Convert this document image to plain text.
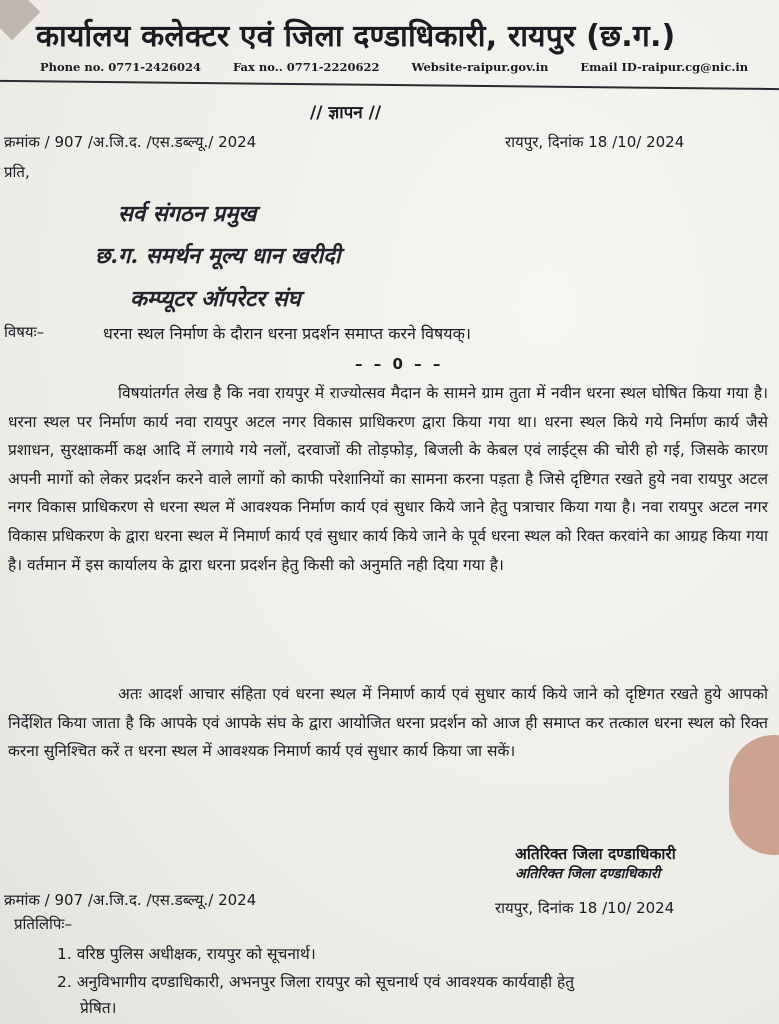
कार्यालय कलेक्टर एवं जिला दण्डाधिकारी, रायपुर (छ.ग.)
Phone no. 0771-2426024	Fax no.. 0771-2220622	Website-raipur.gov.in	Email ID-raipur.cg@nic.in
// ज्ञापन //
क्रमांक / 907 /अ.जि.द. /एस.डब्ल्यू./ 2024	रायपुर, दिनांक 18 /10/ 2024
प्रति,
सर्व संगठन प्रमुख
छ.ग. समर्थन मूल्य धान खरीदी
कम्प्यूटर ऑपरेटर संघ
विषयः–	धरना स्थल निर्माण के दौरान धरना प्रदर्शन समाप्त करने विषयक्।
– – 0 – –
विषयांतर्गत लेख है कि नवा रायपुर में राज्योत्सव मैदान के सामने ग्राम तुता में नवीन धरना स्थल घोषित किया गया है। धरना स्थल पर निर्माण कार्य नवा रायपुर अटल नगर विकास प्राधिकरण द्वारा किया गया था। धरना स्थल किये गये निर्माण कार्य जैसे प्रशाधन, सुरक्षाकर्मी कक्ष आदि में लगाये गये नलों, दरवाजों की तोड़फोड़, बिजली के केबल एवं लाईट्स की चोरी हो गई, जिसके कारण अपनी मागों को लेकर प्रदर्शन करने वाले लागों को काफी परेशानियों का सामना करना पड़ता है जिसे दृष्टिगत रखते हुये नवा रायपुर अटल नगर विकास प्राधिकरण से धरना स्थल में आवश्यक निर्माण कार्य एवं सुधार किये जाने हेतु पत्राचार किया गया है। नवा रायपुर अटल नगर विकास प्रधिकरण के द्वारा धरना स्थल में निमार्ण कार्य एवं सुधार कार्य किये जाने के पूर्व धरना स्थल को रिक्त करवांने का आग्रह किया गया है। वर्तमान में इस कार्यालय के द्वारा धरना प्रदर्शन हेतु किसी को अनुमति नही दिया गया है।
अतः आदर्श आचार संहिता एवं धरना स्थल में निमार्ण कार्य एवं सुधार कार्य किये जाने को दृष्टिगत रखते हुये आपको निर्देशित किया जाता है कि आपके एवं आपके संघ के द्वारा आयोजित धरना प्रदर्शन को आज ही समाप्त कर तत्काल धरना स्थल को रिक्त करना सुनिश्चित करें त धरना स्थल में आवश्यक निमार्ण कार्य एवं सुधार कार्य किया जा सकें।
अतिरिक्त जिला दण्डाधिकारी
अतिरिक्त जिला दण्डाधिकारी
क्रमांक / 907 /अ.जि.द. /एस.डब्ल्यू./ 2024	रायपुर, दिनांक 18 /10/ 2024
प्रतिलिपिः–
1. वरिष्ठ पुलिस अधीक्षक, रायपुर को सूचनार्थ।
2. अनुविभागीय दण्डाधिकारी, अभनपुर जिला रायपुर को सूचनार्थ एवं आवश्यक कार्यवाही हेतु
प्रेषित।
